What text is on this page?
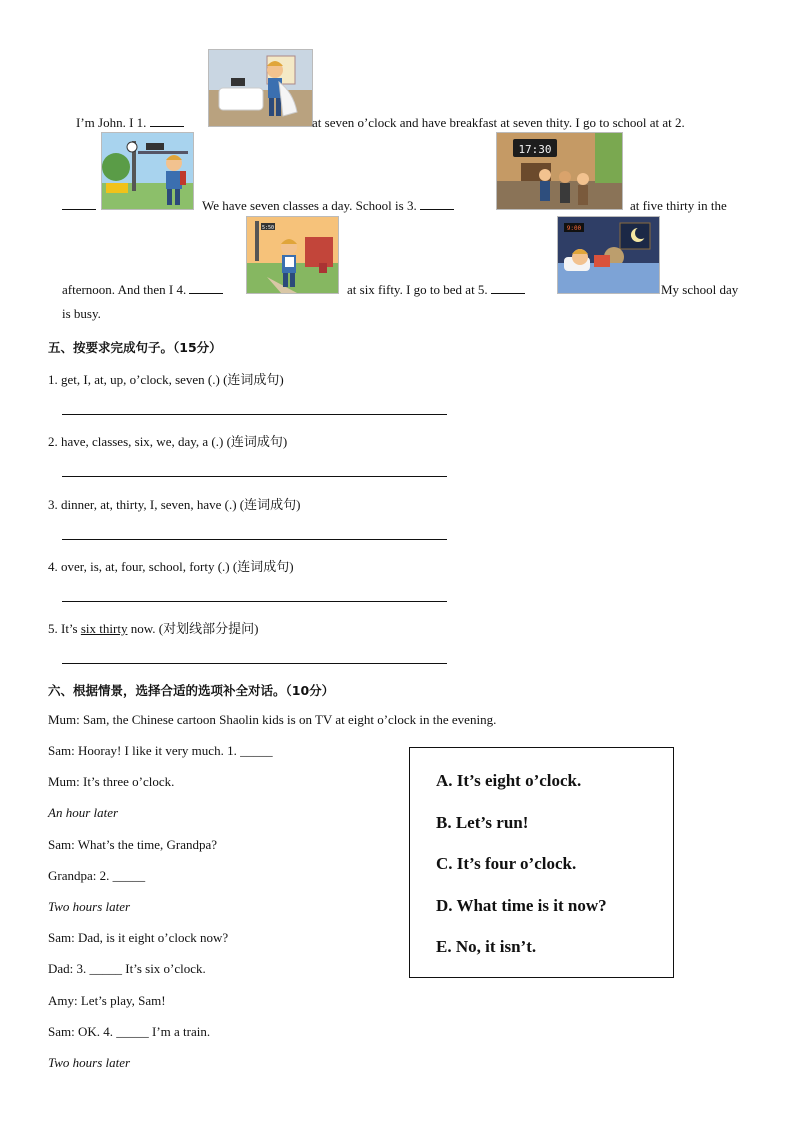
I’m John. I 1.	at seven o’clock and have breakfast at seven thity. I go to school at at 2.
We have seven classes a day. School is 3.
17:30
at five thirty in the
afternoon. And then I 4.
5:50
at six fifty. I go to bed at 5.
9:00
My school day
is busy.
五、按要求完成句子。（15分）
1. get, I, at, up, o’clock, seven (.) (连词成句)
2. have, classes, six, we, day, a (.) (连词成句)
3. dinner, at, thirty, I, seven, have (.) (连词成句)
4. over, is, at, four, school, forty (.) (连词成句)
5. It’s six thirty now. (对划线部分提问)
六、根据情景，选择合适的选项补全对话。（10分）
Mum: Sam, the Chinese cartoon Shaolin kids is on TV at eight o’clock in the evening.
Sam: Hooray! I like it very much. 1. _____
Mum: It’s three o’clock.
An hour later
Sam: What’s the time, Grandpa?
Grandpa: 2. _____
Two hours later
Sam: Dad, is it eight o’clock now?
Dad: 3. _____ It’s six o’clock.
Amy: Let’s play, Sam!
Sam: OK. 4. _____ I’m a train.
Two hours later
A. It’s eight o’clock.
B. Let’s run!
C. It’s four o’clock.
D. What time is it now?
E. No, it isn’t.
